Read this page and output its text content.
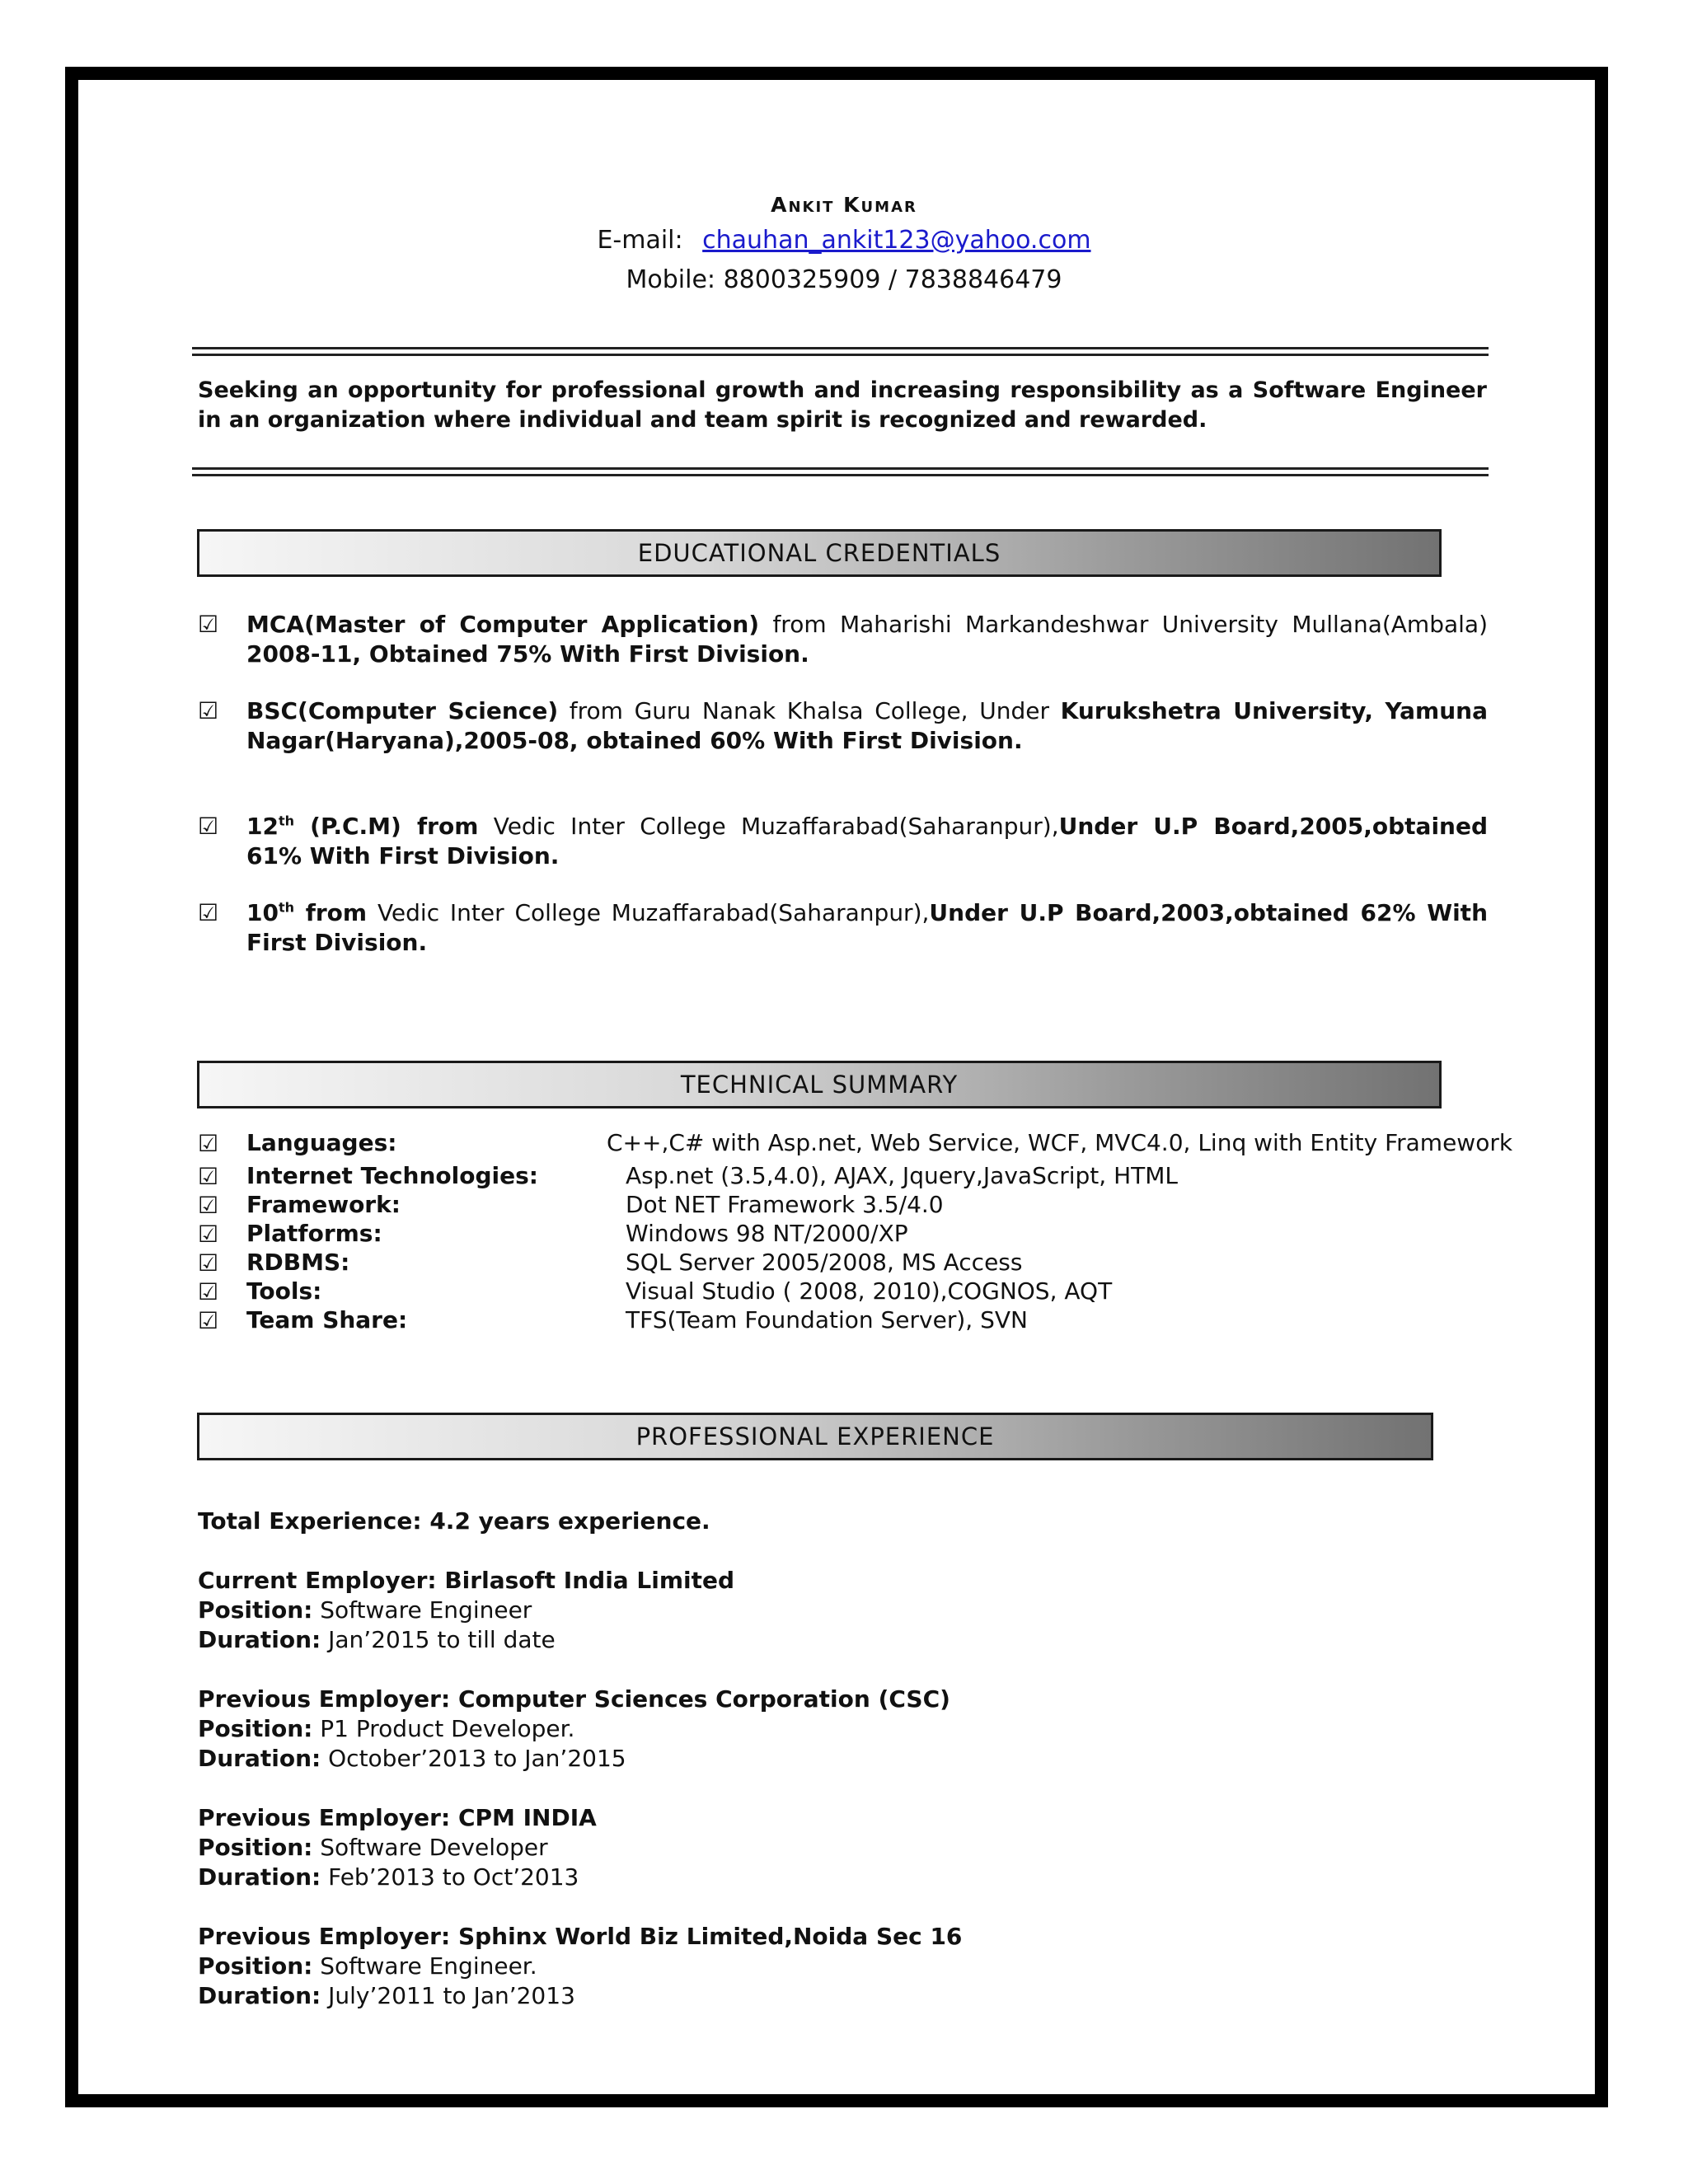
Ankit Kumar
E-mail: chauhan_ankit123@yahoo.com
Mobile: 8800325909 / 7838846479
Seeking an opportunity for professional growth and increasing responsibility as a Software Engineer in an organization where individual and team spirit is recognized and rewarded.
EDUCATIONAL CREDENTIALS
☑ MCA(Master of Computer Application) from Maharishi Markandeshwar University Mullana(Ambala) 2008-11, Obtained 75% With First Division.
☑ BSC(Computer Science) from Guru Nanak Khalsa College, Under Kurukshetra University, Yamuna Nagar(Haryana),2005-08, obtained 60% With First Division.
☑ 12th (P.C.M) from Vedic Inter College Muzaffarabad(Saharanpur),Under U.P Board,2005,obtained 61% With First Division.
☑ 10th from Vedic Inter College Muzaffarabad(Saharanpur),Under U.P Board,2003,obtained 62% With First Division.
TECHNICAL SUMMARY
☑ Languages:	C++,C# with Asp.net, Web Service, WCF, MVC4.0, Linq with Entity Framework
☑ Internet Technologies:	Asp.net (3.5,4.0), AJAX, Jquery,JavaScript, HTML
☑ Framework:	Dot NET Framework 3.5/4.0
☑ Platforms:	Windows 98 NT/2000/XP
☑ RDBMS:	SQL Server 2005/2008, MS Access
☑ Tools:	Visual Studio ( 2008, 2010),COGNOS, AQT
☑ Team Share:	TFS(Team Foundation Server), SVN
PROFESSIONAL EXPERIENCE
Total Experience: 4.2 years experience.
Current Employer: Birlasoft India Limited
Position: Software Engineer
Duration: Jan’2015 to till date
Previous Employer: Computer Sciences Corporation (CSC)
Position: P1 Product Developer.
Duration: October’2013 to Jan’2015
Previous Employer: CPM INDIA
Position: Software Developer
Duration: Feb’2013 to Oct’2013
Previous Employer: Sphinx World Biz Limited,Noida Sec 16
Position: Software Engineer.
Duration: July’2011 to Jan’2013
